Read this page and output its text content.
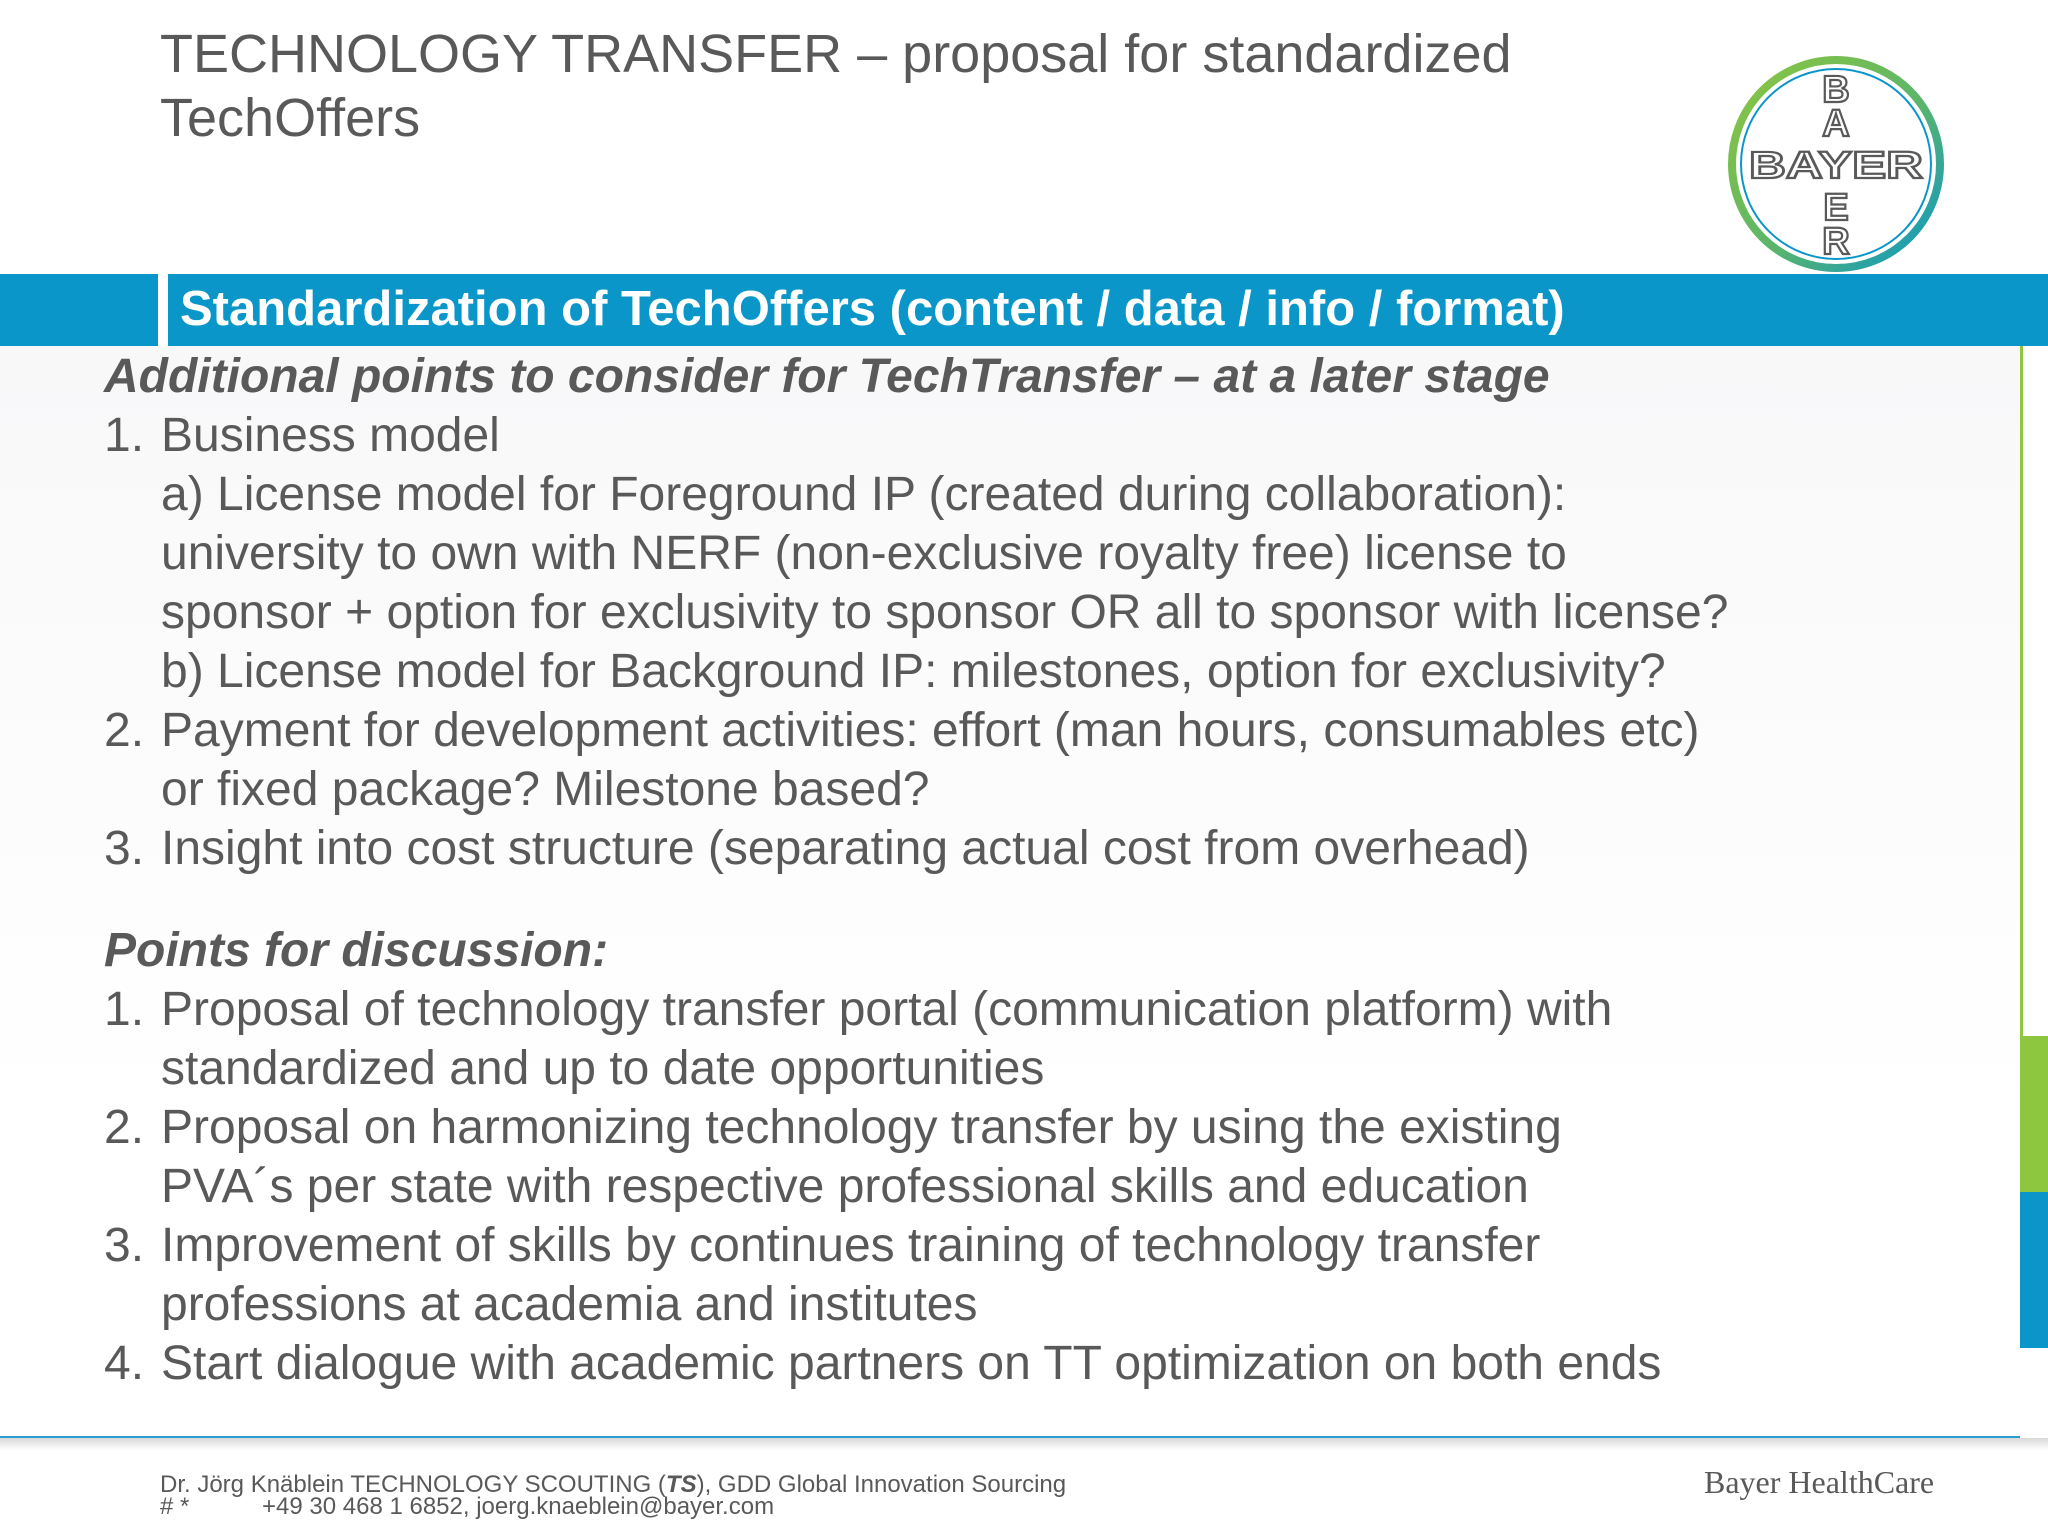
TECHNOLOGY TRANSFER – proposal for standardized
TechOffers	B
A
BAYER
E
R
Standardization of TechOffers (content / data / info / format)

Additional points to consider for TechTransfer – at a later stage

1. Business model
a) License model for Foreground IP (created during collaboration):
university to own with NERF (non-exclusive royalty free) license to
sponsor + option for exclusivity to sponsor OR all to sponsor with license?
b) License model for Background IP: milestones, option for exclusivity?
2. Payment for development activities: effort (man hours, consumables etc)
or fixed package? Milestone based?
3. Insight into cost structure (separating actual cost from overhead)

Points for discussion:

1. Proposal of technology transfer portal (communication platform) with
standardized and up to date opportunities
2. Proposal on harmonizing technology transfer by using the existing
PVA´s per state with respective professional skills and education
3. Improvement of skills by continues training of technology transfer
professions at academia and institutes
4. Start dialogue with academic partners on TT optimization on both ends
Dr. Jörg Knäblein TECHNOLOGY SCOUTING (TS), GDD Global Innovation Sourcing
# *	+49 30 468 1 6852, joerg.knaeblein@bayer.com
Bayer HealthCare
